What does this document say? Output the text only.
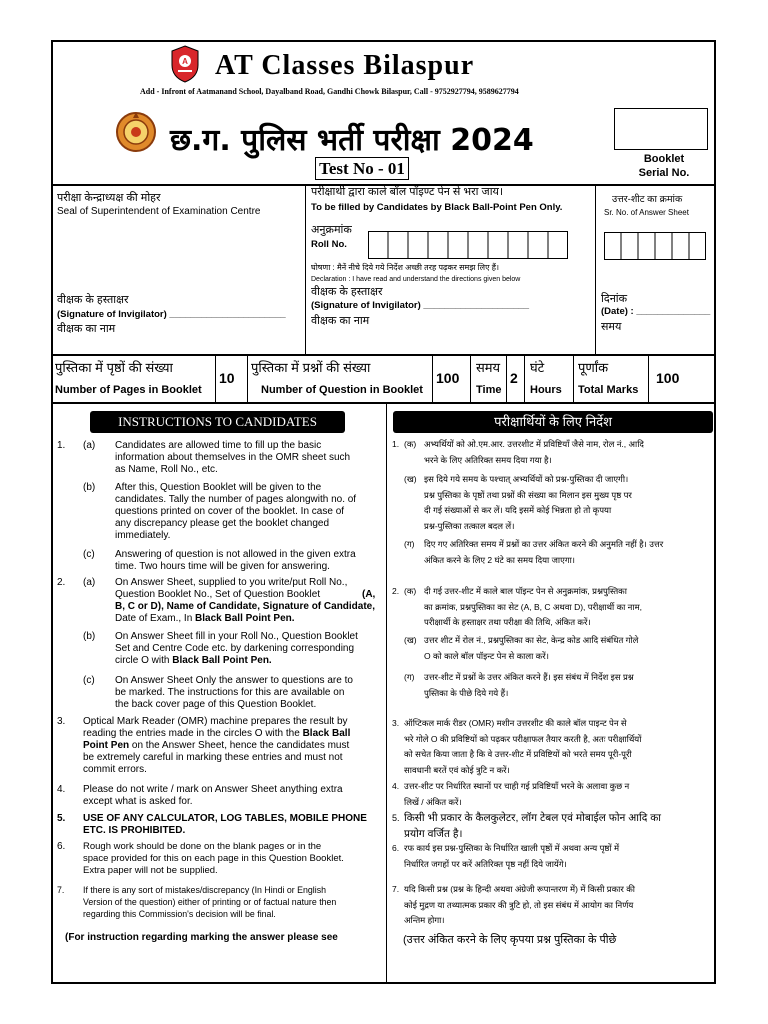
A AT Classes Bilaspur
Add - Infront of Aatmanand School, Dayalband Road, Gandhi Chowk Bilaspur, Call - 9752927794, 9589627794
छ.ग. पुलिस भर्ती परीक्षा 2024
Test No - 01	Booklet
Serial No.
परीक्षा केन्द्राध्यक्ष की मोहर
Seal of Superintendent of Examination Centre
परीक्षार्थी द्वारा काले बॉल पॉइण्ट पेन से भरा जाय।
To be filled by Candidates by Black Ball-Point Pen Only.
अनुक्रमांक
Roll No.
घोषणा : मैनें नीचे दिये गये निर्देश अच्छी तरह पढ़कर समझ लिए हैं।
Declaration : I have read and understand the directions given below
उत्तर-शीट का क्रमांक
Sr. No. of Answer Sheet
वीक्षक के हस्ताक्षर
(Signature of Invigilator) ______________________
वीक्षक का नाम
वीक्षक के हस्ताक्षर
(Signature of Invigilator) ____________________
वीक्षक का नाम
दिनांक
(Date) : ______________
समय
पुस्तिका में पृष्ठों की संख्या
Number of Pages in Booklet
10
पुस्तिका में प्रश्नों की संख्या
Number of Question in Booklet
100
समय
Time
2
घंटे
Hours
पूर्णांक
Total Marks
100
INSTRUCTIONS TO CANDIDATES	परीक्षार्थियों के लिए निर्देश
1. (a) Candidates are allowed time to fill up the basic
information about themselves in the OMR sheet such
as Name, Roll No., etc.
(b) After this, Question Booklet will be given to the
candidates. Tally the number of pages alongwith no. of
questions printed on cover of the booklet. In case of
any discrepancy please get the booklet changed
immediately.
(c) Answering of question is not allowed in the given extra
time. Two hours time will be given for answering.
2. (a) On Answer Sheet, supplied to you write/put Roll No.,
Question Booklet No., Set of Question Booklet	(A,
B, C or D), Name of Candidate, Signature of Candidate,
Date of Exam., In Black Ball Point Pen.
(b) On Answer Sheet fill in your Roll No., Question Booklet
Set and Centre Code etc. by darkening corresponding
circle O with Black Ball Point Pen.
(c) On Answer Sheet Only the answer to questions are to
be marked. The instructions for this are available on
the back cover page of this Question Booklet.
3. Optical Mark Reader (OMR) machine prepares the result by
reading the entries made in the circles O with the Black Ball
Point Pen on the Answer Sheet, hence the candidates must
be extremely careful in marking these entries and must not
commit errors.
4. Please do not write / mark on Answer Sheet anything extra
except what is asked for.
5. USE OF ANY CALCULATOR, LOG TABLES, MOBILE PHONE
ETC. IS PROHIBITED.
6. Rough work should be done on the blank pages or in the
space provided for this on each page in this Question Booklet.
Extra paper will not be supplied.
7. If there is any sort of mistakes/discrepancy (In Hindi or English
Version of the question) either of printing or of factual nature then
regarding this Commission's decision will be final.
(For instruction regarding marking the answer please see
1. (क) अभ्यर्थियों को ओ.एम.आर. उत्तरशीट में प्रविष्टियाँ जैसे नाम, रोल नं., आदि
भरने के लिए अतिरिक्त समय दिया गया है।
(ख) इस दिये गये समय के पश्चात् अभ्यर्थियों को प्रश्न-पुस्तिका दी जाएगी।
प्रश्न पुस्तिका के पृष्ठों तथा प्रश्नों की संख्या का मिलान इस मुख्य पृष्ठ पर
दी गई संख्याओं से कर लें। यदि इसमें कोई भिन्नता हो तो कृपया
प्रश्न-पुस्तिका तत्काल बदल लें।
(ग) दिए गए अतिरिक्त समय में प्रश्नों का उत्तर अंकित करने की अनुमति नहीं है। उत्तर
अंकित करने के लिए 2 घंटे का समय दिया जाएगा।
2. (क) दी गई उत्तर-शीट में काले बाल पॉइन्ट पेन से अनुक्रमांक, प्रश्नपुस्तिका
का क्रमांक, प्रश्नपुस्तिका का सेट (A, B, C अथवा D), परीक्षार्थी का नाम,
परीक्षार्थी के हस्ताक्षर तथा परीक्षा की तिथि, अंकित करें।
(ख) उत्तर शीट में रोल नं., प्रश्नपुस्तिका का सेट, केन्द्र कोड आदि संबंधित गोले
O को काले बॉल पॉइन्ट पेन से काला करें।
(ग) उत्तर-शीट में प्रश्नों के उत्तर अंकित करने हैं। इस संबंध में निर्देश इस प्रश्न
पुस्तिका के पीछे दिये गये हैं।
3. ऑप्टिकल मार्क रीडर (OMR) मशीन उत्तरशीट की काले बॉल पाइन्ट पेन से
भरे गोले O की प्रविष्टियों को पढ़कर परीक्षाफल तैयार करती है, अतः परीक्षार्थियों
को सचेत किया जाता है कि वे उत्तर-शीट में प्रविष्टियों को भरते समय पूरी-पूरी
सावधानी बरतें एवं कोई त्रुटि न करें।
4. उत्तर-शीट पर निर्धारित स्थानों पर चाही गई प्रविष्टियाँ भरने के अलावा कुछ न
लिखें / अंकित करें।
5. किसी भी प्रकार के कैलकुलेटर, लॉग टेबल एवं मोबाईल फोन आदि का
प्रयोग वर्जित है।
6. रफ कार्य इस प्रश्न-पुस्तिका के निर्धारित खाली पृष्ठों में अथवा अन्य पृष्ठों में
निर्धारित जगहों पर करें अतिरिक्त पृष्ठ नहीं दिये जायेंगे।
7. यदि किसी प्रश्न (प्रश्न के हिन्दी अथवा अंग्रेजी रूपान्तरण में) में किसी प्रकार की
कोई मुद्रण या तथ्यात्मक प्रकार की त्रुटि हो, तो इस संबंध में आयोग का निर्णय
अन्तिम होगा।
(उत्तर अंकित करने के लिए कृपया प्रश्न पुस्तिका के पीछे
